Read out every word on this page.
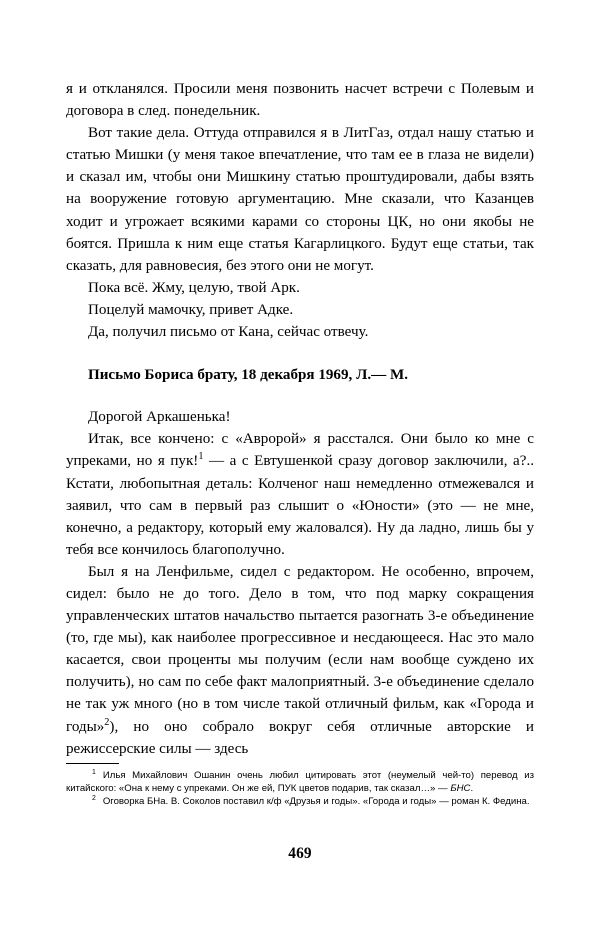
я и откланялся. Просили меня позвонить насчет встречи с Полевым и договора в след. понедельник.

Вот такие дела. Оттуда отправился я в ЛитГаз, отдал нашу статью и статью Мишки (у меня такое впечатление, что там ее в глаза не видели) и сказал им, чтобы они Мишкину статью проштудировали, дабы взять на вооружение готовую аргументацию. Мне сказали, что Казанцев ходит и угрожает всякими карами со стороны ЦК, но они якобы не боятся. Пришла к ним еще статья Кагарлицкого. Будут еще статьи, так сказать, для равновесия, без этого они не могут.

Пока всё. Жму, целую, твой Арк.

Поцелуй мамочку, привет Адке.

Да, получил письмо от Кана, сейчас отвечу.

Письмо Бориса брату, 18 декабря 1969, Л.— М.

Дорогой Аркашенька!

Итак, все кончено: с «Авророй» я расстался. Они было ко мне с упреками, но я пук!$^1$ — а с Евтушенкой сразу договор заключили, а?.. Кстати, любопытная деталь: Колченог наш немедленно отмежевался и заявил, что сам в первый раз слышит о «Юности» (это — не мне, конечно, а редактору, который ему жаловался). Ну да ладно, лишь бы у тебя все кончилось благополучно.

Был я на Ленфильме, сидел с редактором. Не особенно, впрочем, сидел: было не до того. Дело в том, что под марку сокращения управленческих штатов начальство пытается разогнать 3-е объединение (то, где мы), как наиболее прогрессивное и несдающееся. Нас это мало касается, свои проценты мы получим (если нам вообще суждено их получить), но сам по себе факт малоприятный. 3-е объединение сделало не так уж много (но в том числе такой отличный фильм, как «Города и годы»$^2$), но оно собрало вокруг себя отличные авторские и режиссерские силы — здесь

$^1$ Илья Михайлович Ошанин очень любил цитировать этот (неумелый чей-то) перевод из китайского: «Она к нему с упреками. Он же ей, ПУК цветов подарив, так сказал…» — БНС.

$^2$ Оговорка БНа. В. Соколов поставил к/ф «Друзья и годы». «Города и годы» — роман К. Федина.

469
